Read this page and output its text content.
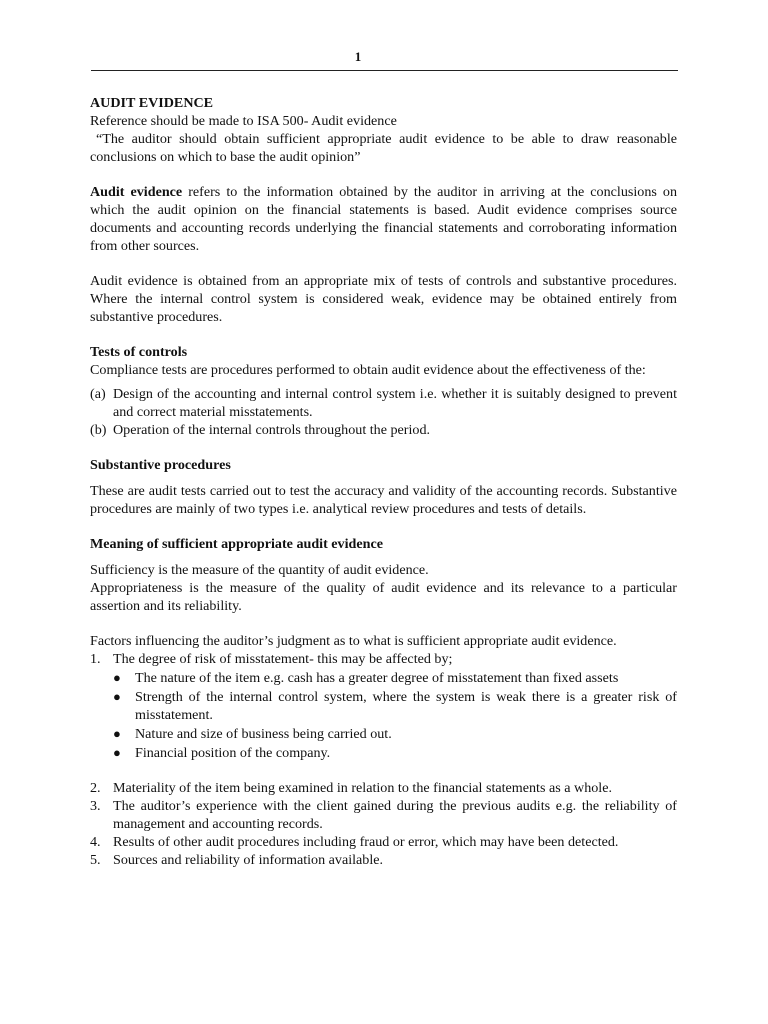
1

AUDIT EVIDENCE

Reference should be made to ISA 500- Audit evidence

“The auditor should obtain sufficient appropriate audit evidence to be able to draw reasonable conclusions on which to base the audit opinion”

Audit evidence refers to the information obtained by the auditor in arriving at the conclusions on which the audit opinion on the financial statements is based. Audit evidence comprises source documents and accounting records underlying the financial statements and corroborating information from other sources.

Audit evidence is obtained from an appropriate mix of tests of controls and substantive procedures. Where the internal control system is considered weak, evidence may be obtained entirely from substantive procedures.

Tests of controls

Compliance tests are procedures performed to obtain audit evidence about the effectiveness of the:

(a) Design of the accounting and internal control system i.e. whether it is suitably designed to prevent and correct material misstatements.
(b) Operation of the internal controls throughout the period.

Substantive procedures

These are audit tests carried out to test the accuracy and validity of the accounting records. Substantive procedures are mainly of two types i.e. analytical review procedures and tests of details.

Meaning of sufficient appropriate audit evidence

Sufficiency is the measure of the quantity of audit evidence.

Appropriateness is the measure of the quality of audit evidence and its relevance to a particular assertion and its reliability.

Factors influencing the auditor’s judgment as to what is sufficient appropriate audit evidence.

1. The degree of risk of misstatement- this may be affected by;
●	The nature of the item e.g. cash has a greater degree of misstatement than fixed assets
●	Strength of the internal control system, where the system is weak there is a greater risk of misstatement.
●	Nature and size of business being carried out.
●	Financial position of the company.
2. Materiality of the item being examined in relation to the financial statements as a whole.
3. The auditor’s experience with the client gained during the previous audits e.g. the reliability of management and accounting records.
4. Results of other audit procedures including fraud or error, which may have been detected.
5. Sources and reliability of information available.
